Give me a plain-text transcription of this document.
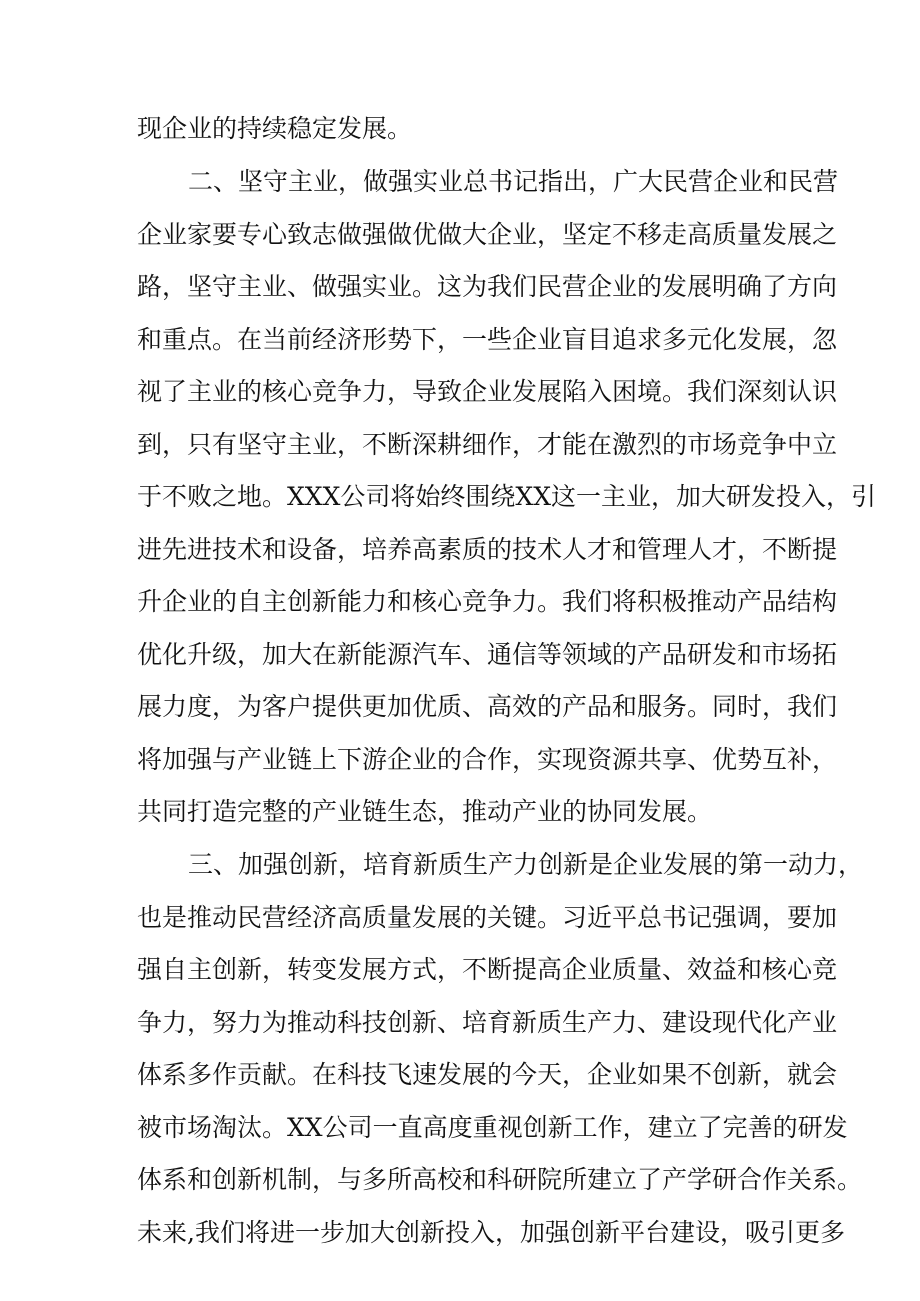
现企业的持续稳定发展。
二、坚守主业，做强实业总书记指出，广大民营企业和民营
企业家要专心致志做强做优做大企业，坚定不移走高质量发展之
路，坚守主业、做强实业。这为我们民营企业的发展明确了方向
和重点。在当前经济形势下，一些企业盲目追求多元化发展，忽
视了主业的核心竞争力，导致企业发展陷入困境。我们深刻认识
到，只有坚守主业，不断深耕细作，才能在激烈的市场竞争中立
于不败之地。XXX公司将始终围绕XX这一主业，加大研发投入，引
进先进技术和设备，培养高素质的技术人才和管理人才，不断提
升企业的自主创新能力和核心竞争力。我们将积极推动产品结构
优化升级，加大在新能源汽车、通信等领域的产品研发和市场拓
展力度，为客户提供更加优质、高效的产品和服务。同时，我们
将加强与产业链上下游企业的合作，实现资源共享、优势互补，
共同打造完整的产业链生态，推动产业的协同发展。
三、加强创新，培育新质生产力创新是企业发展的第一动力，
也是推动民营经济高质量发展的关键。习近平总书记强调，要加
强自主创新，转变发展方式，不断提高企业质量、效益和核心竞
争力，努力为推动科技创新、培育新质生产力、建设现代化产业
体系多作贡献。在科技飞速发展的今天，企业如果不创新，就会
被市场淘汰。XX公司一直高度重视创新工作，建立了完善的研发
体系和创新机制，与多所高校和科研院所建立了产学研合作关系。
未来,我们将进一步加大创新投入，加强创新平台建设，吸引更多
